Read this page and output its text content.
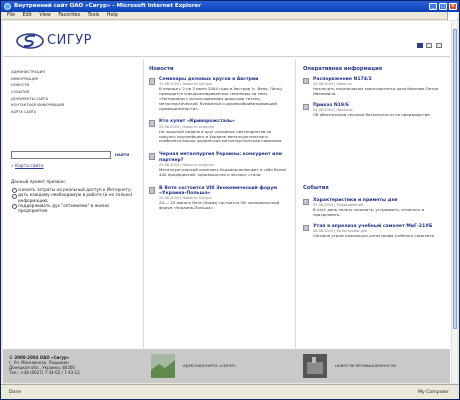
Внутренний сайт ОАО «Сигур» - Microsoft Internet Explorer	_	□	×
File Edit View Favorites Tools Help
СИГУР

АДМИНИСТРАЦИЯ
ИНФОРМАЦИЯ
НОВОСТИ
СОБЫТИЯ
ДОКУМЕНТЫ САЙТА
КОНТАКТНАЯ ИНФОРМАЦИЯ
КАРТА САЙТА
НАЙТИ
» Карта сайта
Данный проект призван:
снизить затраты на реальный доступ к Интернету;
дать каждому необходимую в работе (и не только) информацию;
поддерживать дух "оптимизма" в жизни предприятия.
Новости
Семинары деловых кругов в Австрии
31.08.2004 | Новости Сигура
В период с 2 по 3 июля 2004 года в Австрии (г. Вена, Линц) проводятся специализированные семинары на тему «Материалы с использованием диоксида титана, металлургический, бумажной и деревообрабатывающей промышленности».
Кто купит «Криворожсталь»
20.08.2004 | Новости отрасли
На прошлой неделе в круг основных претендентов на покупку крупнейшего в Украине металлургического комбината вошла украинская металлургическая компания.
Черная металлургия Украины: конкурент или партнер?
20.08.2004 | Новости отрасли
Металлургический комплекс Украины включает в себя более 400 предприятий, производство и экспорт стали.
В Ялте состоится VIII Экономический форум «Украина-Польша»
20.08.2004 | Новости Сигура
24 — 25 июня в Ялте (Крым) состоится VIII экономический форум «Украина-Польша».
Оперативная информация
Распоряжение N174/2
04.08.2004 | Новости
Назначить начальником транспортного цеха Иванова Петра Ивановича.
Приказ N19/6
04.08.2004 | Приказы
Об обеспечении техники безопасности на производстве.
События
Характеристики и приметы дня
31.08.2004 | Поздравления
В этот день нельзя начинать, устраивать, отмечать и праздновать.
Утап в апрелиза учебный самолет МиГ-21УБ
06.08.2004 | Катастрофы дня
Сегодня утром произошла катастрофа учебного самолета.
© 2000-2004 ОАО «Сигур»
г. Ул. Московская, Ладыжин
Донецкая обл., Украина, 84300
Тел.: +38 (0627) 7-34-02 / 7-43-12
АДРЕСНАЯ КАРТА «СИГУР»	НОВОСТИ ПРОМЫШЛЕННОСТИ
Done	My Computer
